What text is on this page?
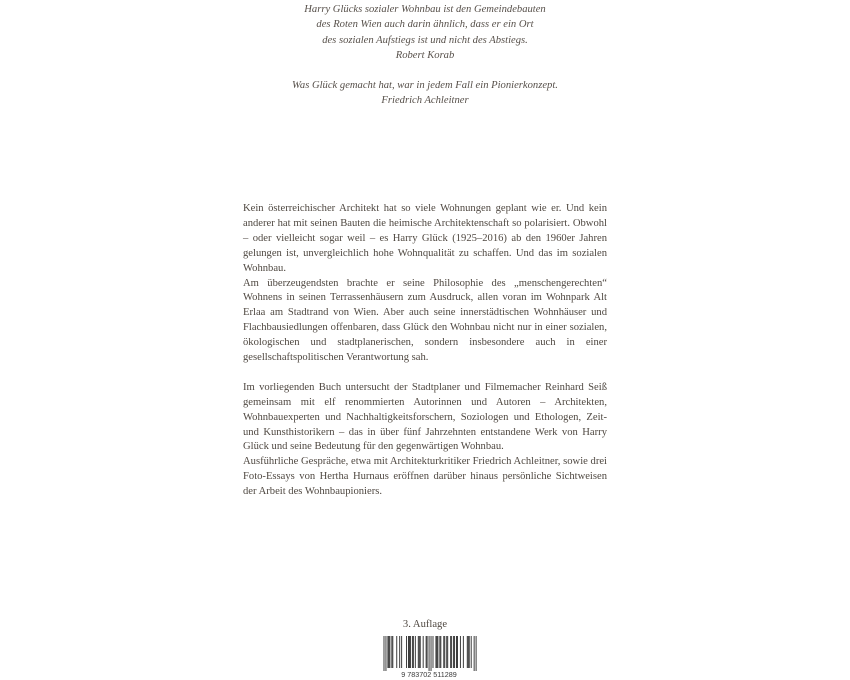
Harry Glücks sozialer Wohnbau ist den Gemeindebauten
des Roten Wien auch darin ähnlich, dass er ein Ort
des sozialen Aufstiegs ist und nicht des Abstiegs.
Robert Korab
Was Glück gemacht hat, war in jedem Fall ein Pionierkonzept.
Friedrich Achleitner

Kein österreichischer Architekt hat so viele Wohnungen geplant wie er. Und kein anderer hat mit seinen Bauten die heimische Architektenschaft so polarisiert. Obwohl – oder vielleicht sogar weil – es Harry Glück (1925–2016) ab den 1960er Jahren gelungen ist, unvergleichlich hohe Wohnqualität zu schaffen. Und das im sozialen Wohnbau.

Am überzeugendsten brachte er seine Philosophie des „menschengerechten“ Wohnens in seinen Terrassenhäusern zum Ausdruck, allen voran im Wohnpark Alt Erlaa am Stadtrand von Wien. Aber auch seine innerstädtischen Wohnhäuser und Flachbausiedlungen offenbaren, dass Glück den Wohnbau nicht nur in einer sozialen, ökologischen und stadtplanerischen, sondern insbesondere auch in einer gesellschaftspolitischen Verantwortung sah.

Im vorliegenden Buch untersucht der Stadtplaner und Filmemacher Reinhard Seiß gemeinsam mit elf renommierten Autorinnen und Autoren – Architekten, Wohnbauexperten und Nachhaltigkeitsforschern, Soziologen und Ethologen, Zeit- und Kunsthistorikern – das in über fünf Jahrzehnten entstandene Werk von Harry Glück und seine Bedeutung für den gegenwärtigen Wohnbau.

Ausführliche Gespräche, etwa mit Architekturkritiker Friedrich Achleitner, sowie drei Foto-Essays von Hertha Hurnaus eröffnen darüber hinaus persönliche Sichtweisen der Arbeit des Wohnbaupioniers.

3. Auflage
9 783702 511289
